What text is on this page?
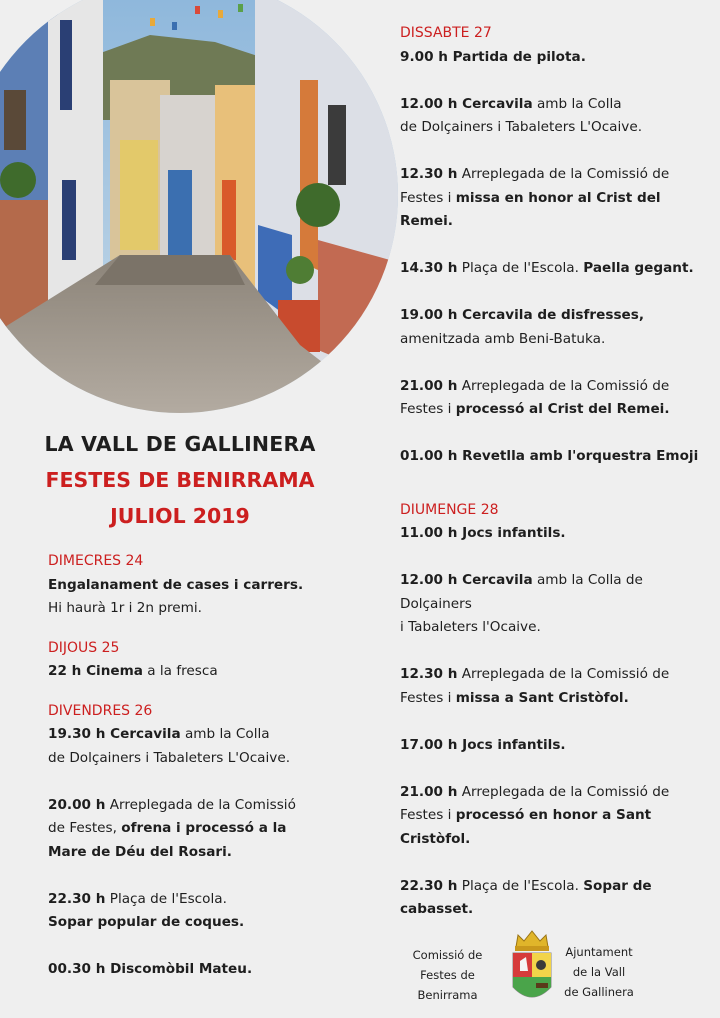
LA VALL DE GALLINERA
FESTES DE BENIRRAMA
JULIOL 2019
DIMECRES 24
Engalanament de cases i carrers.
Hi haurà 1r i 2n premi.
DIJOUS 25
22 h Cinema a la fresca
DIVENDRES 26
19.30 h Cercavila amb la Colla
de Dolçainers i Tabaleters L'Ocaive.
20.00 h Arreplegada de la Comissió
de Festes, ofrena i processó a la
Mare de Déu del Rosari.
22.30 h Plaça de l'Escola.
Sopar popular de coques.
00.30 h Discomòbil Mateu.
DISSABTE 27
9.00 h Partida de pilota.
12.00 h Cercavila amb la Colla
de Dolçainers i Tabaleters L'Ocaive.
12.30 h Arreplegada de la Comissió de
Festes i missa en honor al Crist del Remei.
14.30 h Plaça de l'Escola. Paella gegant.
19.00 h Cercavila de disfresses,
amenitzada amb Beni-Batuka.
21.00 h Arreplegada de la Comissió de
Festes i processó al Crist del Remei.
01.00 h Revetlla amb l'orquestra Emoji
DIUMENGE 28
11.00 h Jocs infantils.
12.00 h Cercavila amb la Colla de
Dolçainers
i Tabaleters l'Ocaive.
12.30 h Arreplegada de la Comissió de
Festes i missa a Sant Cristòfol.
17.00 h Jocs infantils.
21.00 h Arreplegada de la Comissió de
Festes i processó en honor a Sant
Cristòfol.
22.30 h Plaça de l'Escola. Sopar de
cabasset.
Comissió de
Festes de
Benirrama
Ajuntament
de la Vall
de Gallinera
